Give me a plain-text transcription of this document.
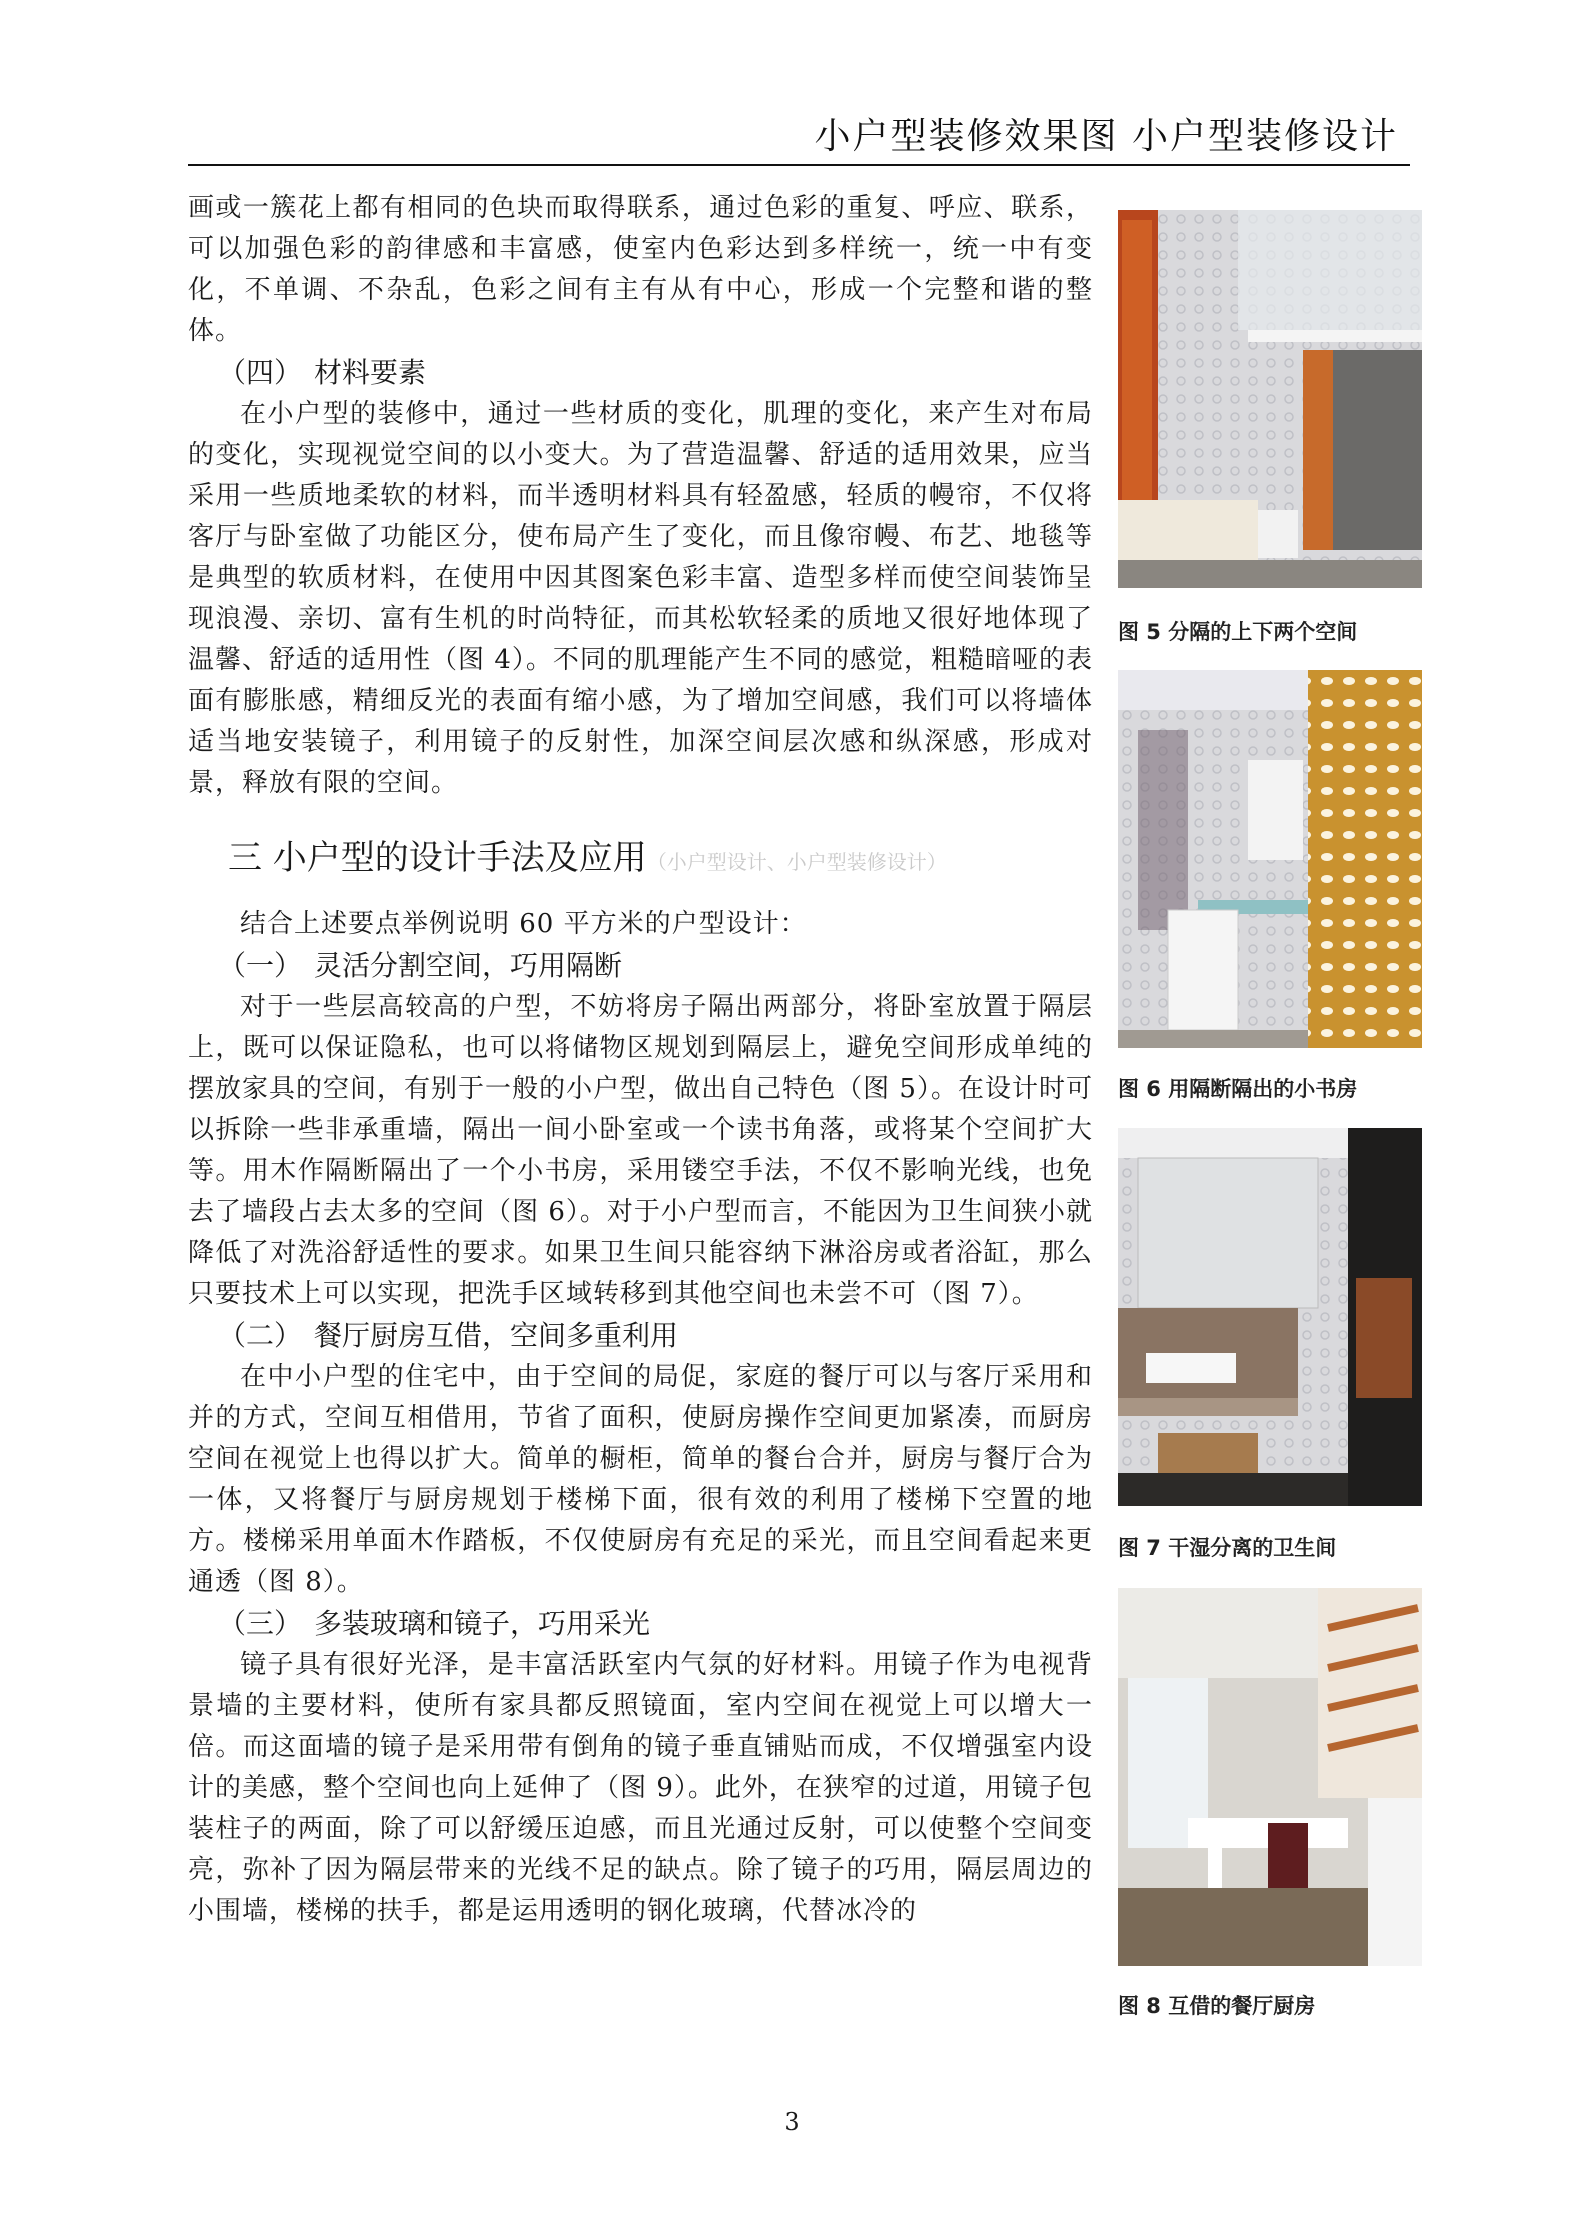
小户型装修效果图 小户型装修设计

画或一簇花上都有相同的色块而取得联系，通过色彩的重复、呼应、联系，可以加强色彩的韵律感和丰富感，使室内色彩达到多样统一，统一中有变化，不单调、不杂乱，色彩之间有主有从有中心，形成一个完整和谐的整体。

（四） 材料要素

在小户型的装修中，通过一些材质的变化，肌理的变化，来产生对布局的变化，实现视觉空间的以小变大。为了营造温馨、舒适的适用效果，应当采用一些质地柔软的材料，而半透明材料具有轻盈感，轻质的幔帘，不仅将客厅与卧室做了功能区分，使布局产生了变化，而且像帘幔、布艺、地毯等是典型的软质材料，在使用中因其图案色彩丰富、造型多样而使空间装饰呈现浪漫、亲切、富有生机的时尚特征，而其松软轻柔的质地又很好地体现了温馨、舒适的适用性（图 4）。不同的肌理能产生不同的感觉，粗糙暗哑的表面有膨胀感，精细反光的表面有缩小感，为了增加空间感，我们可以将墙体适当地安装镜子，利用镜子的反射性，加深空间层次感和纵深感，形成对景，释放有限的空间。

三 小户型的设计手法及应用（小户型设计、小户型装修设计）

结合上述要点举例说明 60 平方米的户型设计：

（一） 灵活分割空间，巧用隔断

对于一些层高较高的户型，不妨将房子隔出两部分，将卧室放置于隔层上，既可以保证隐私，也可以将储物区规划到隔层上，避免空间形成单纯的摆放家具的空间，有别于一般的小户型，做出自己特色（图 5）。在设计时可以拆除一些非承重墙，隔出一间小卧室或一个读书角落，或将某个空间扩大等。用木作隔断隔出了一个小书房，采用镂空手法，不仅不影响光线，也免去了墙段占去太多的空间（图 6）。对于小户型而言，不能因为卫生间狭小就降低了对洗浴舒适性的要求。如果卫生间只能容纳下淋浴房或者浴缸，那么只要技术上可以实现，把洗手区域转移到其他空间也未尝不可（图 7）。

（二） 餐厅厨房互借，空间多重利用

在中小户型的住宅中，由于空间的局促，家庭的餐厅可以与客厅采用和并的方式，空间互相借用，节省了面积，使厨房操作空间更加紧凑，而厨房空间在视觉上也得以扩大。简单的橱柜，简单的餐台合并，厨房与餐厅合为一体，又将餐厅与厨房规划于楼梯下面，很有效的利用了楼梯下空置的地方。楼梯采用单面木作踏板，不仅使厨房有充足的采光，而且空间看起来更通透（图 8）。

（三） 多装玻璃和镜子，巧用采光

镜子具有很好光泽，是丰富活跃室内气氛的好材料。用镜子作为电视背景墙的主要材料，使所有家具都反照镜面，室内空间在视觉上可以增大一倍。而这面墙的镜子是采用带有倒角的镜子垂直铺贴而成，不仅增强室内设计的美感，整个空间也向上延伸了（图 9）。此外，在狭窄的过道，用镜子包装柱子的两面，除了可以舒缓压迫感，而且光通过反射，可以使整个空间变亮，弥补了因为隔层带来的光线不足的缺点。除了镜子的巧用，隔层周边的小围墙，楼梯的扶手，都是运用透明的钢化玻璃，代替冰冷的

图 5 分隔的上下两个空间
图 6 用隔断隔出的小书房
图 7 干湿分离的卫生间
图 8 互借的餐厅厨房
3
